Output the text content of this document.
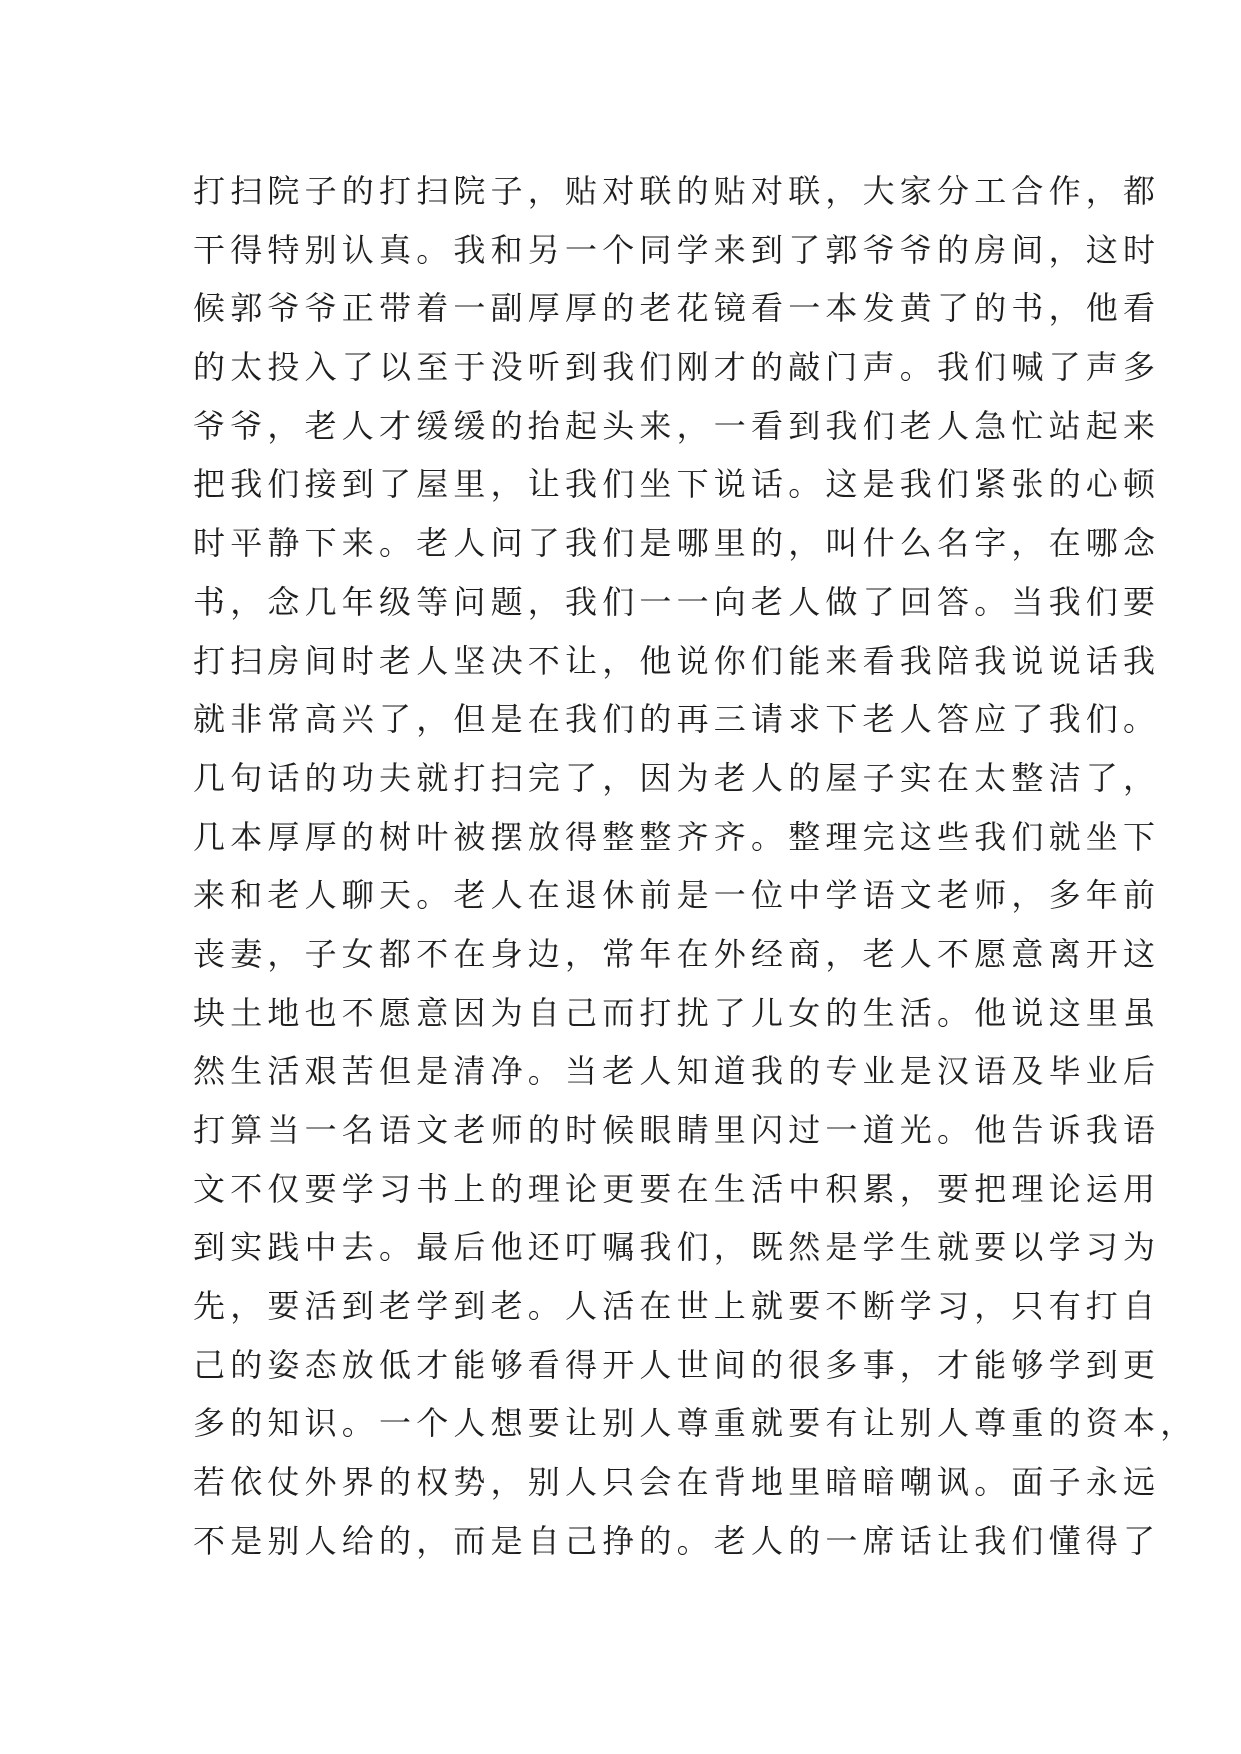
打扫院子的打扫院子，贴对联的贴对联，大家分工合作，都
干得特别认真。我和另一个同学来到了郭爷爷的房间，这时
候郭爷爷正带着一副厚厚的老花镜看一本发黄了的书，他看
的太投入了以至于没听到我们刚才的敲门声。我们喊了声多
爷爷，老人才缓缓的抬起头来，一看到我们老人急忙站起来
把我们接到了屋里，让我们坐下说话。这是我们紧张的心顿
时平静下来。老人问了我们是哪里的，叫什么名字，在哪念
书，念几年级等问题，我们一一向老人做了回答。当我们要
打扫房间时老人坚决不让，他说你们能来看我陪我说说话我
就非常高兴了，但是在我们的再三请求下老人答应了我们。
几句话的功夫就打扫完了，因为老人的屋子实在太整洁了，
几本厚厚的树叶被摆放得整整齐齐。整理完这些我们就坐下
来和老人聊天。老人在退休前是一位中学语文老师，多年前
丧妻，子女都不在身边，常年在外经商，老人不愿意离开这
块土地也不愿意因为自己而打扰了儿女的生活。他说这里虽
然生活艰苦但是清净。当老人知道我的专业是汉语及毕业后
打算当一名语文老师的时候眼睛里闪过一道光。他告诉我语
文不仅要学习书上的理论更要在生活中积累，要把理论运用
到实践中去。最后他还叮嘱我们，既然是学生就要以学习为
先，要活到老学到老。人活在世上就要不断学习，只有打自
己的姿态放低才能够看得开人世间的很多事，才能够学到更
多的知识。一个人想要让别人尊重就要有让别人尊重的资本，
若依仗外界的权势，别人只会在背地里暗暗嘲讽。面子永远
不是别人给的，而是自己挣的。老人的一席话让我们懂得了
